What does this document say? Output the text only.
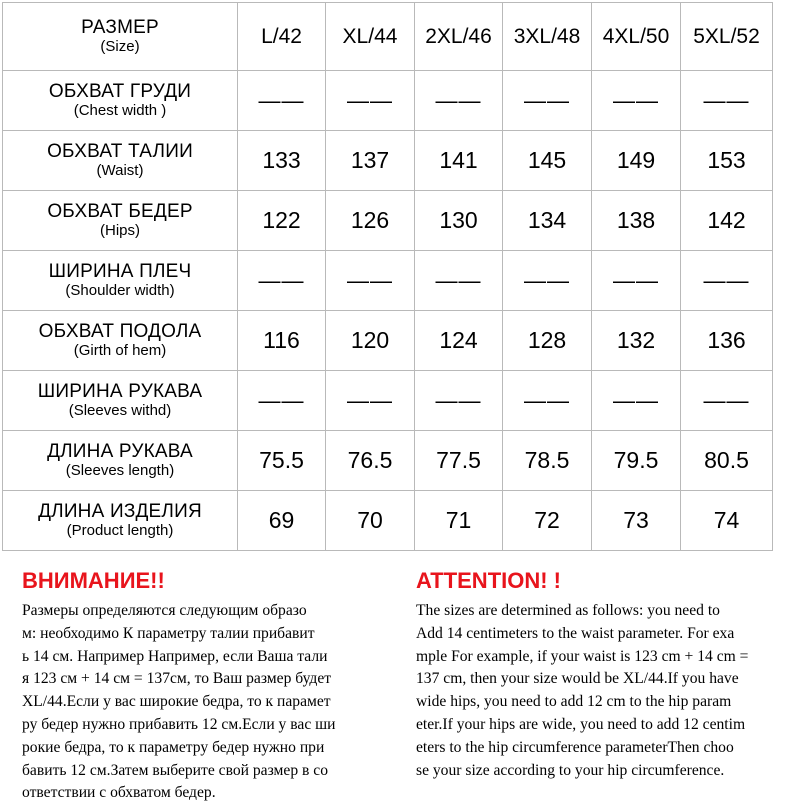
РАЗМЕР
(Size)	L/42	XL/44	2XL/46	3XL/48	4XL/50	5XL/52

ОБХВАТ ГРУДИ
(Chest width )	——	——	——	——	——	——

ОБХВАТ ТАЛИИ
(Waist)	133	137	141	145	149	153

ОБХВАТ БЕДЕР
(Hips)	122	126	130	134	138	142

ШИРИНА ПЛЕЧ
(Shoulder width)	——	——	——	——	——	——

ОБХВАТ ПОДОЛА
(Girth of hem)	116	120	124	128	132	136

ШИРИНА РУКАВА
(Sleeves withd)	——	——	——	——	——	——

ДЛИНА РУКАВА
(Sleeves length)	75.5	76.5	77.5	78.5	79.5	80.5

ДЛИНА ИЗДЕЛИЯ
(Product length)	69	70	71	72	73	74

ВНИМАНИЕ!!

Размеры определяются следующим образо
м: необходимо К параметру талии прибавит
ь 14 см. Например Например, если Ваша тали
я 123 см + 14 см = 137см, то Ваш размер будет
XL/44.Если у вас широкие бедра, то к парамет
ру бедер нужно прибавить 12 см.Если у вас ши
рокие бедра, то к параметру бедер нужно при
бавить 12 см.Затем выберите свой размер в со
ответствии с обхватом бедер.

ATTENTION! !

The sizes are determined as follows: you need to
Add 14 centimeters to the waist parameter. For exa
mple For example, if your waist is 123 cm + 14 cm =
137 cm, then your size would be XL/44.If you have
wide hips, you need to add 12 cm to the hip param
eter.If your hips are wide, you need to add 12 centim
eters to the hip circumference parameterThen choo
se your size according to your hip circumference.
